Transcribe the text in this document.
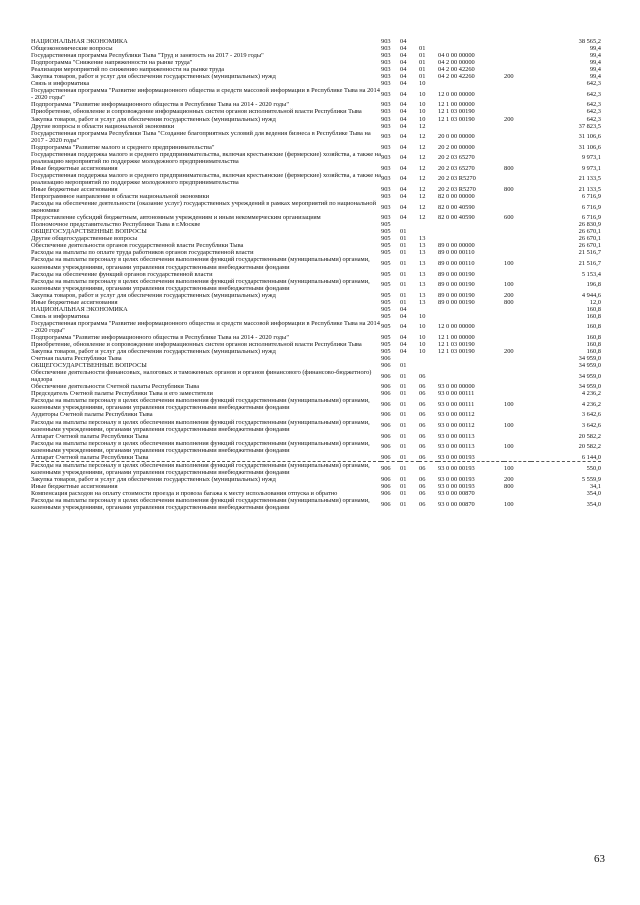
НАЦИОНАЛЬНАЯ ЭКОНОМИКА	903	04				38 565,2
Общеэкономические вопросы	903	04	01			99,4
Государственная программа Республики Тыва "Труд и занятость на 2017 - 2019 годы"	903	04	01	04 0 00 00000		99,4
Подпрограмма "Снижение напряженности на рынке труда"	903	04	01	04 2 00 00000		99,4
Реализация мероприятий по снижению напряженности на рынке труда	903	04	01	04 2 00 42260		99,4
Закупка товаров, работ и услуг для обеспечения государственных (муниципальных) нужд	903	04	01	04 2 00 42260	200	99,4
Связь и информатика	903	04	10			642,3
Государственная программа "Развитие информационного общества и средств массовой информации в Республике Тыва на 2014 - 2020 годы"	903	04	10	12 0 00 00000		642,3
Подпрограмма "Развитие информационного общества в Республике Тыва на 2014 - 2020 годы"	903	04	10	12 1 00 00000		642,3
Приобретение, обновление и сопровождение информационных систем органов исполнительной власти Республики Тыва	903	04	10	12 1 03 00190		642,3
Закупка товаров, работ и услуг для обеспечения государственных (муниципальных) нужд	903	04	10	12 1 03 00190	200	642,3
Другие вопросы в области национальной экономики	903	04	12			37 823,5
Государственная программа Республики Тыва "Создание благоприятных условий для ведения бизнеса в Республике Тыва на 2017 - 2020 годы"	903	04	12	20 0 00 00000		31 106,6
Подпрограмма "Развитие малого и среднего предпринимательства"	903	04	12	20 2 00 00000		31 106,6
Государственная поддержка малого и среднего предпринимательства, включая крестьянские (фермерские) хозяйства, а также на реализацию мероприятий по поддержке молодежного предпринимательства	903	04	12	20 2 03 65270		9 973,1
Иные бюджетные ассигнования	903	04	12	20 2 03 65270	800	9 973,1
Государственная поддержка малого и среднего предпринимательства, включая крестьянские (фермерские) хозяйства, а также на реализацию мероприятий по поддержке молодежного предпринимательства	903	04	12	20 2 03 R5270		21 133,5
Иные бюджетные ассигнования	903	04	12	20 2 03 R5270	800	21 133,5
Непрограммное направление в области национальной экономики	903	04	12	82 0 00 00000		6 716,9
Расходы на обеспечение деятельности (оказание услуг) государственных учреждений в рамках мероприятий по национальной экономике	903	04	12	82 0 00 40590		6 716,9
Предоставление субсидий бюджетным, автономным учреждениям и иным некоммерческим организациям	903	04	12	82 0 00 40590	600	6 716,9
Полномочное представительство Республики Тыва в г.Москве	905					26 830,9
ОБЩЕГОСУДАРСТВЕННЫЕ ВОПРОСЫ	905	01				26 670,1
Другие общегосударственные вопросы	905	01	13			26 670,1
Обеспечение деятельности органов государственной власти Республики Тыва	905	01	13	89 0 00 00000		26 670,1
Расходы на выплаты по оплате труда работников органов государственной власти	905	01	13	89 0 00 00110		21 516,7
Расходы на выплаты персоналу в целях обеспечения выполнения функций государственными (муниципальными) органами, казенными учреждениями, органами управления государственными внебюджетными фондами	905	01	13	89 0 00 00110	100	21 516,7
Расходы на обеспечение функций органов государственной власти	905	01	13	89 0 00 00190		5 153,4
Расходы на выплаты персоналу в целях обеспечения выполнения функций государственными (муниципальными) органами, казенными учреждениями, органами управления государственными внебюджетными фондами	905	01	13	89 0 00 00190	100	196,8
Закупка товаров, работ и услуг для обеспечения государственных (муниципальных) нужд	905	01	13	89 0 00 00190	200	4 944,6
Иные бюджетные ассигнования	905	01	13	89 0 00 00190	800	12,0
НАЦИОНАЛЬНАЯ ЭКОНОМИКА	905	04				160,8
Связь и информатика	905	04	10			160,8
Государственная программа "Развитие информационного общества и средств массовой информации в Республике Тыва на 2014 - 2020 годы"	905	04	10	12 0 00 00000		160,8
Подпрограмма "Развитие информационного общества в Республике Тыва на 2014 - 2020 годы"	905	04	10	12 1 00 00000		160,8
Приобретение, обновление и сопровождение информационных систем органов исполнительной власти Республики Тыва	905	04	10	12 1 03 00190		160,8
Закупка товаров, работ и услуг для обеспечения государственных (муниципальных) нужд	905	04	10	12 1 03 00190	200	160,8
Счетная палата Республики Тыва	906					34 959,0
ОБЩЕГОСУДАРСТВЕННЫЕ ВОПРОСЫ	906	01				34 959,0
Обеспечение деятельности финансовых, налоговых и таможенных органов и органов финансового (финансово-бюджетного) надзора	906	01	06			34 959,0
Обеспечение деятельности Счетной палаты Республики Тыва	906	01	06	93 0 00 00000		34 959,0
Председатель Счетной палаты Республики Тыва и его заместители	906	01	06	93 0 00 00111		4 236,2
Расходы на выплаты персоналу в целях обеспечения выполнения функций государственными (муниципальными) органами, казенными учреждениями, органами управления государственными внебюджетными фондами	906	01	06	93 0 00 00111	100	4 236,2
Аудиторы Счетной палаты Республики Тыва	906	01	06	93 0 00 00112		3 642,6
Расходы на выплаты персоналу в целях обеспечения выполнения функций государственными (муниципальными) органами, казенными учреждениями, органами управления государственными внебюджетными фондами	906	01	06	93 0 00 00112	100	3 642,6
Аппарат Счетной палаты Республики Тыва	906	01	06	93 0 00 00113		20 582,2
Расходы на выплаты персоналу в целях обеспечения выполнения функций государственными (муниципальными) органами, казенными учреждениями, органами управления государственными внебюджетными фондами	906	01	06	93 0 00 00113	100	20 582,2
Аппарат Счетной палаты Республики Тыва	906	01	06	93 0 00 00193		6 144,0
Расходы на выплаты персоналу в целях обеспечения выполнения функций государственными (муниципальными) органами, казенными учреждениями, органами управления государственными внебюджетными фондами	906	01	06	93 0 00 00193	100	550,0
Закупка товаров, работ и услуг для обеспечения государственных (муниципальных) нужд	906	01	06	93 0 00 00193	200	5 559,9
Иные бюджетные ассигнования	906	01	06	93 0 00 00193	800	34,1
Компенсация расходов на оплату стоимости проезда и провоза багажа к месту использования отпуска и обратно	906	01	06	93 0 00 00870		354,0
Расходы на выплаты персоналу в целях обеспечения выполнения функций государственными (муниципальными) органами, казенными учреждениями, органами управления государственными внебюджетными фондами	906	01	06	93 0 00 00870	100	354,0
63
